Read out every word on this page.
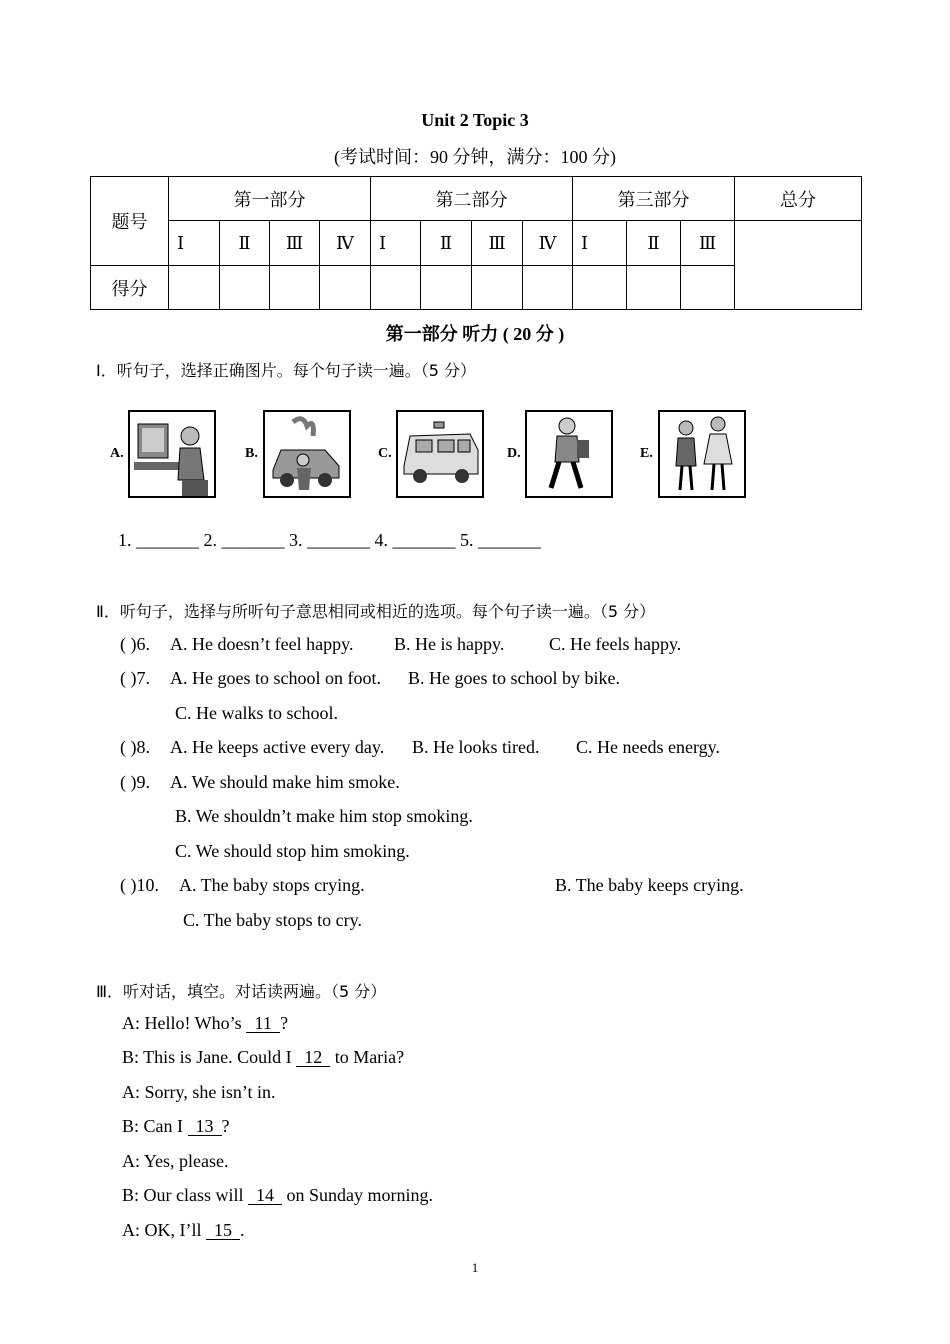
Unit 2 Topic 3
(考试时间：90 分钟，满分：100 分)
题号	第一部分				第二部分				第三部分			总分
	Ⅰ	Ⅱ	Ⅲ	Ⅳ	Ⅰ	Ⅱ	Ⅲ	Ⅳ	Ⅰ	Ⅱ	Ⅲ	
得分												
第一部分 听力 ( 20 分 )
Ⅰ．听句子，选择正确图片。每个句子读一遍。（5 分）
A.	B.	C.	D.	E.
1. _______ 2. _______ 3. _______ 4. _______ 5. _______
Ⅱ．听句子，选择与所听句子意思相同或相近的选项。每个句子读一遍。（5 分）
( )6. A. He doesn’t feel happy. B. He is happy. C. He feels happy.
( )7. A. He goes to school on foot. B. He goes to school by bike.
C. He walks to school.
( )8. A. He keeps active every day. B. He looks tired. C. He needs energy.
( )9. A. We should make him smoke.
B. We shouldn’t make him stop smoking.
C. We should stop him smoking.
( )10. A. The baby stops crying.	B. The baby keeps crying.
C. The baby stops to cry.
Ⅲ．听对话，填空。对话读两遍。（5 分）
A: Hello! Who’s 11 ?
B: This is Jane. Could I 12 to Maria?
A: Sorry, she isn’t in.
B: Can I 13 ?
A: Yes, please.
B: Our class will 14 on Sunday morning.
A: OK, I’ll 15 .
1
